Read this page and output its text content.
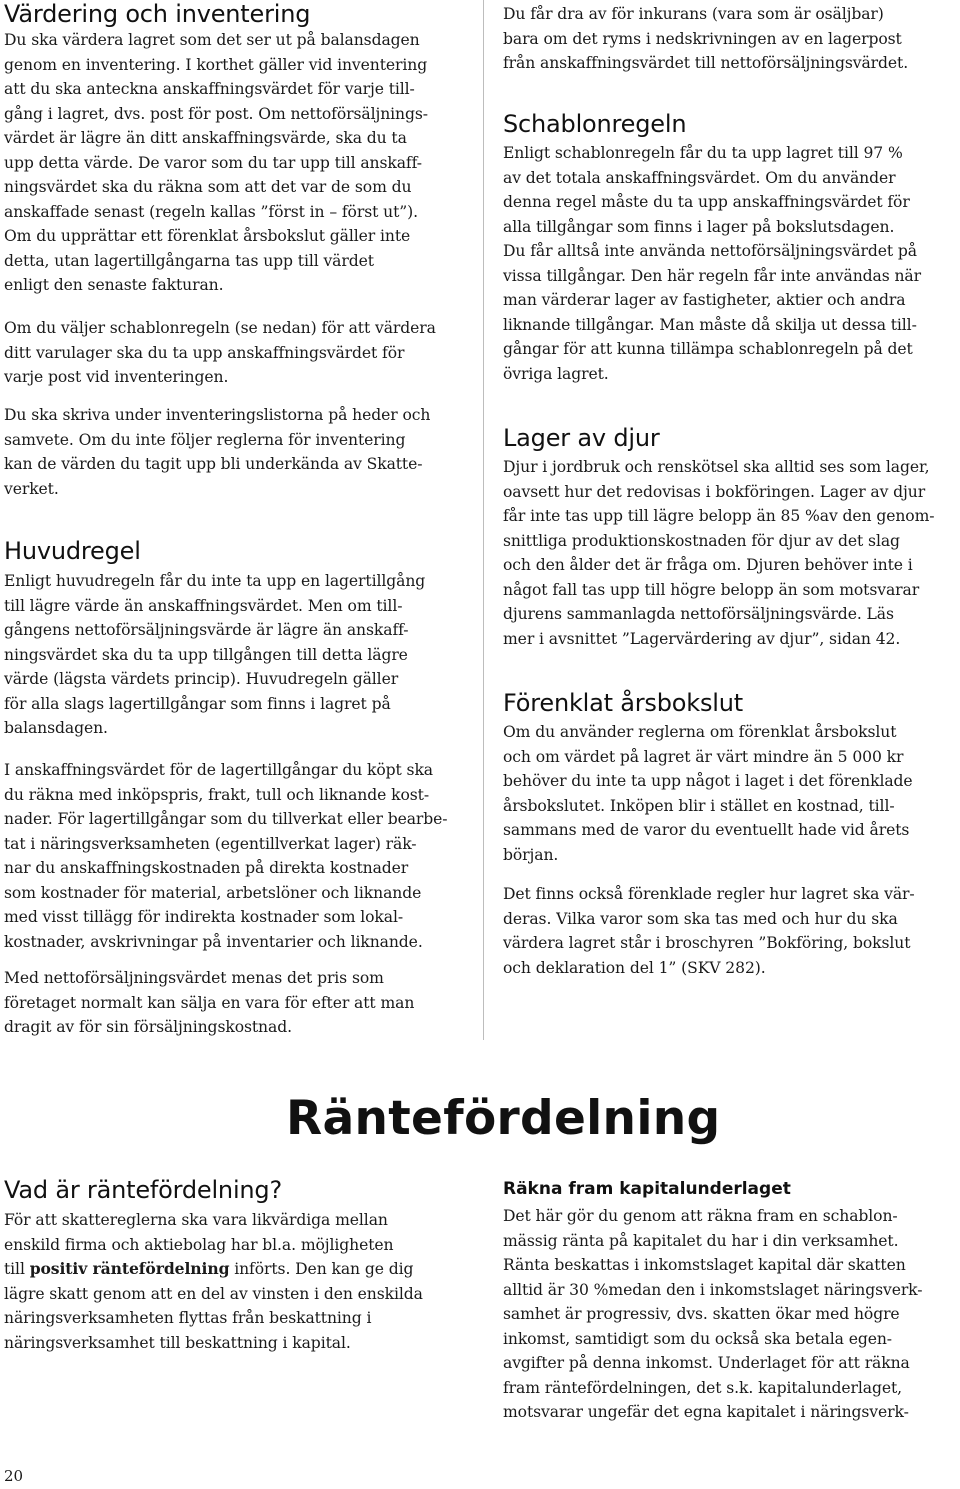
Värdering och inventering

Du ska värdera lagret som det ser ut på balansdagen
genom en inventering. I korthet gäller vid inventering
att du ska anteckna anskaffningsvärdet för varje till-
gång i lagret, dvs. post för post. Om nettoförsäljnings-
värdet är lägre än ditt anskaffningsvärde, ska du ta
upp detta värde. De varor som du tar upp till anskaff-
ningsvärdet ska du räkna som att det var de som du
anskaffade senast (regeln kallas ”först in – först ut”).
Om du upprättar ett förenklat årsbokslut gäller inte
detta, utan lagertillgångarna tas upp till värdet
enligt den senaste fakturan.

Om du väljer schablonregeln (se nedan) för att värdera
ditt varulager ska du ta upp anskaffningsvärdet för
varje post vid inventeringen.

Du ska skriva under inventeringslistorna på heder och
samvete. Om du inte följer reglerna för inventering
kan de värden du tagit upp bli underkända av Skatte-
verket.

Huvudregel

Enligt huvudregeln får du inte ta upp en lagertillgång
till lägre värde än anskaffningsvärdet. Men om till-
gångens nettoförsäljningsvärde är lägre än anskaff-
ningsvärdet ska du ta upp tillgången till detta lägre
värde (lägsta värdets princip). Huvudregeln gäller
för alla slags lagertillgångar som finns i lagret på
balansdagen.

I anskaffningsvärdet för de lagertillgångar du köpt ska
du räkna med inköpspris, frakt, tull och liknande kost-
nader. För lagertillgångar som du tillverkat eller bearbe-
tat i näringsverksamheten (egentillverkat lager) räk-
nar du anskaffningskostnaden på direkta kostnader
som kostnader för material, arbetslöner och liknande
med visst tillägg för indirekta kostnader som lokal-
kostnader, avskrivningar på inventarier och liknande.

Med nettoförsäljningsvärdet menas det pris som
företaget normalt kan sälja en vara för efter att man
dragit av för sin försäljningskostnad.

Du får dra av för inkurans (vara som är osäljbar)
bara om det ryms i nedskrivningen av en lagerpost
från anskaffningsvärdet till nettoförsäljningsvärdet.

Schablonregeln

Enligt schablonregeln får du ta upp lagret till 97 %
av det totala anskaffningsvärdet. Om du använder
denna regel måste du ta upp anskaffningsvärdet för
alla tillgångar som finns i lager på bokslutsdagen.
Du får alltså inte använda nettoförsäljningsvärdet på
vissa tillgångar. Den här regeln får inte användas när
man värderar lager av fastigheter, aktier och andra
liknande tillgångar. Man måste då skilja ut dessa till-
gångar för att kunna tillämpa schablonregeln på det
övriga lagret.

Lager av djur

Djur i jordbruk och renskötsel ska alltid ses som lager,
oavsett hur det redovisas i bokföringen. Lager av djur
får inte tas upp till lägre belopp än 85 %av den genom-
snittliga produktionskostnaden för djur av det slag
och den ålder det är fråga om. Djuren behöver inte i
något fall tas upp till högre belopp än som motsvarar
djurens sammanlagda nettoförsäljningsvärde. Läs
mer i avsnittet ”Lagervärdering av djur”, sidan 42.

Förenklat årsbokslut

Om du använder reglerna om förenklat årsbokslut
och om värdet på lagret är värt mindre än 5 000 kr
behöver du inte ta upp något i laget i det förenklade
årsbokslutet. Inköpen blir i stället en kostnad, till-
sammans med de varor du eventuellt hade vid årets
början.

Det finns också förenklade regler hur lagret ska vär-
deras. Vilka varor som ska tas med och hur du ska
värdera lagret står i broschyren ”Bokföring, bokslut
och deklaration del 1” (SKV 282).

Räntefördelning
Vad är räntefördelning?

För att skattereglerna ska vara likvärdiga mellan
enskild firma och aktiebolag har bl.a. möjligheten
till positiv räntefördelning införts. Den kan ge dig
lägre skatt genom att en del av vinsten i den enskilda
näringsverksamheten flyttas från beskattning i
näringsverksamhet till beskattning i kapital.

Räkna fram kapitalunderlaget

Det här gör du genom att räkna fram en schablon-
mässig ränta på kapitalet du har i din verksamhet.
Ränta beskattas i inkomstslaget kapital där skatten
alltid är 30 %medan den i inkomstslaget näringsverk-
samhet är progressiv, dvs. skatten ökar med högre
inkomst, samtidigt som du också ska betala egen-
avgifter på denna inkomst. Underlaget för att räkna
fram räntefördelningen, det s.k. kapitalunderlaget,
motsvarar ungefär det egna kapitalet i näringsverk-

20
